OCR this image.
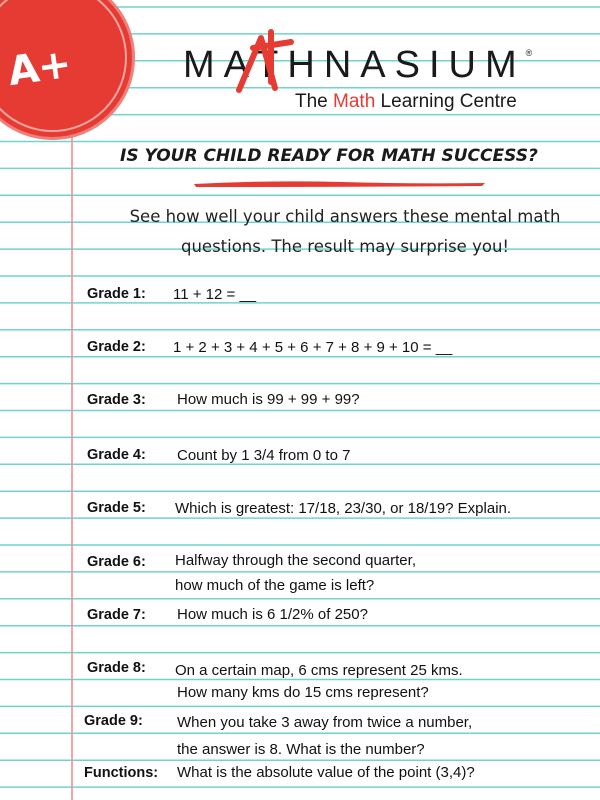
A+	MATHNASIUM®
The Math Learning Centre
IS YOUR CHILD READY FOR MATH SUCCESS?
See how well your child answers these mental math
questions. The result may surprise you!
Grade 1: 11 + 12 = __
Grade 2: 1 + 2 + 3 + 4 + 5 + 6 + 7 + 8 + 9 + 10 = __
Grade 3: How much is 99 + 99 + 99?
Grade 4: Count by 1 3/4 from 0 to 7
Grade 5: Which is greatest: 17/18, 23/30, or 18/19? Explain.
Grade 6: Halfway through the second quarter,
how much of the game is left?
Grade 7: How much is 6 1/2% of 250?
Grade 8: On a certain map, 6 cms represent 25 kms.
How many kms do 15 cms represent?
Grade 9: When you take 3 away from twice a number,
the answer is 8. What is the number?
Functions: What is the absolute value of the point (3,4)?
